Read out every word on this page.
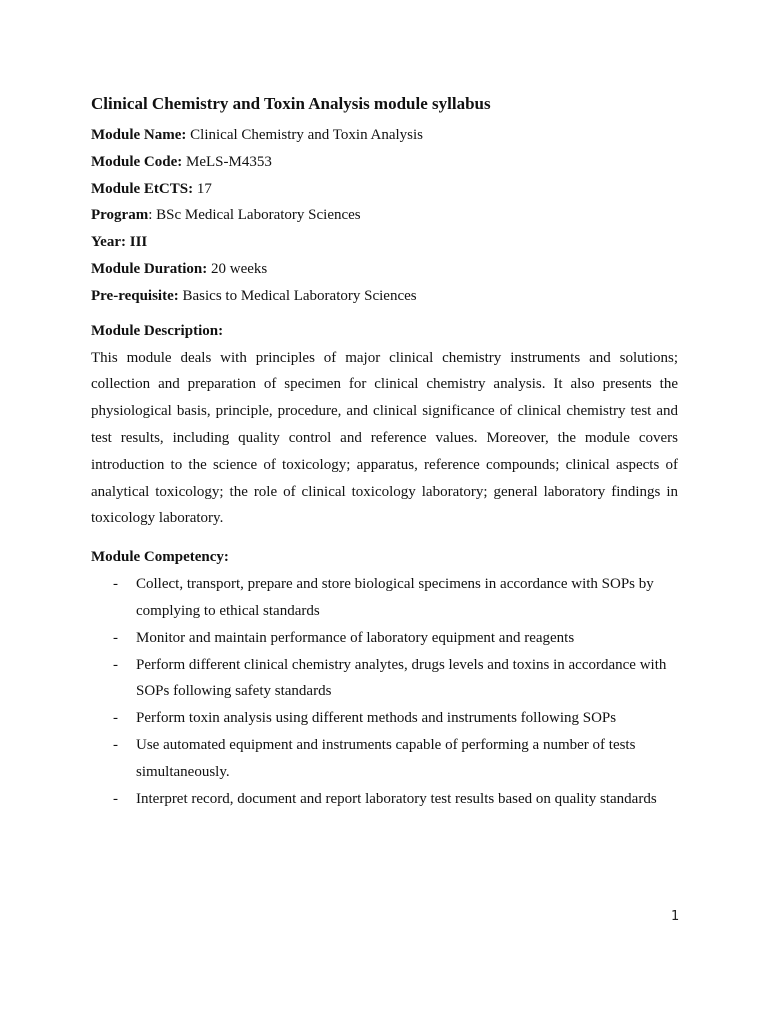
Clinical Chemistry and Toxin Analysis module syllabus
Module Name: Clinical Chemistry and Toxin Analysis
Module Code: MeLS-M4353
Module EtCTS: 17
Program: BSc Medical Laboratory Sciences
Year: III
Module Duration: 20 weeks
Pre-requisite: Basics to Medical Laboratory Sciences
Module Description:

This module deals with principles of major clinical chemistry instruments and solutions; collection and preparation of specimen for clinical chemistry analysis. It also presents the physiological basis, principle, procedure, and clinical significance of clinical chemistry test and test results, including quality control and reference values. Moreover, the module covers introduction to the science of toxicology; apparatus, reference compounds; clinical aspects of analytical toxicology; the role of clinical toxicology laboratory; general laboratory findings in toxicology laboratory.

Module Competency:
- Collect, transport, prepare and store biological specimens in accordance with SOPs by complying to ethical standards
- Monitor and maintain performance of laboratory equipment and reagents
- Perform different clinical chemistry analytes, drugs levels and toxins in accordance with SOPs following safety standards
- Perform toxin analysis using different methods and instruments following SOPs
- Use automated equipment and instruments capable of performing a number of tests simultaneously.
- Interpret record, document and report laboratory test results based on quality standards
1
